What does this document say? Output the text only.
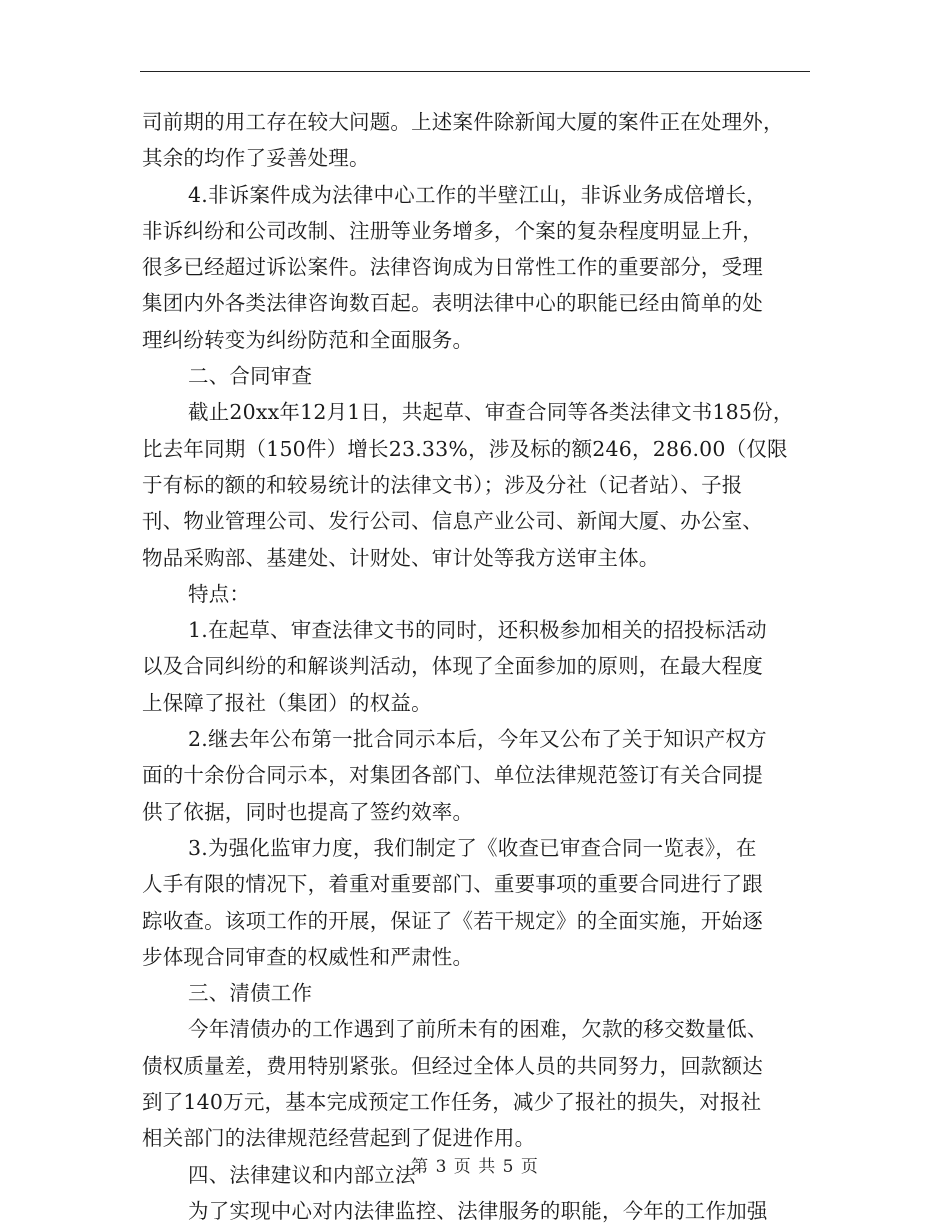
司前期的用工存在较大问题。上述案件除新闻大厦的案件正在处理外，
其余的均作了妥善处理。
4.非诉案件成为法律中心工作的半壁江山，非诉业务成倍增长，
非诉纠纷和公司改制、注册等业务增多，个案的复杂程度明显上升，
很多已经超过诉讼案件。法律咨询成为日常性工作的重要部分，受理
集团内外各类法律咨询数百起。表明法律中心的职能已经由简单的处
理纠纷转变为纠纷防范和全面服务。
二、合同审查
截止20xx年12月1日，共起草、审查合同等各类法律文书185份，
比去年同期（150件）增长23.33%，涉及标的额246，286.00（仅限
于有标的额的和较易统计的法律文书）；涉及分社（记者站）、子报
刊、物业管理公司、发行公司、信息产业公司、新闻大厦、办公室、
物品采购部、基建处、计财处、审计处等我方送审主体。
特点：
1.在起草、审查法律文书的同时，还积极参加相关的招投标活动
以及合同纠纷的和解谈判活动，体现了全面参加的原则，在最大程度
上保障了报社（集团）的权益。
2.继去年公布第一批合同示本后，今年又公布了关于知识产权方
面的十余份合同示本，对集团各部门、单位法律规范签订有关合同提
供了依据，同时也提高了签约效率。
3.为强化监审力度，我们制定了《收查已审查合同一览表》，在
人手有限的情况下，着重对重要部门、重要事项的重要合同进行了跟
踪收查。该项工作的开展，保证了《若干规定》的全面实施，开始逐
步体现合同审查的权威性和严肃性。
三、清债工作
今年清债办的工作遇到了前所未有的困难，欠款的移交数量低、
债权质量差，费用特别紧张。但经过全体人员的共同努力，回款额达
到了140万元，基本完成预定工作任务，减少了报社的损失，对报社
相关部门的法律规范经营起到了促进作用。
四、法律建议和内部立法
为了实现中心对内法律监控、法律服务的职能，今年的工作加强
第 3 页 共 5 页
